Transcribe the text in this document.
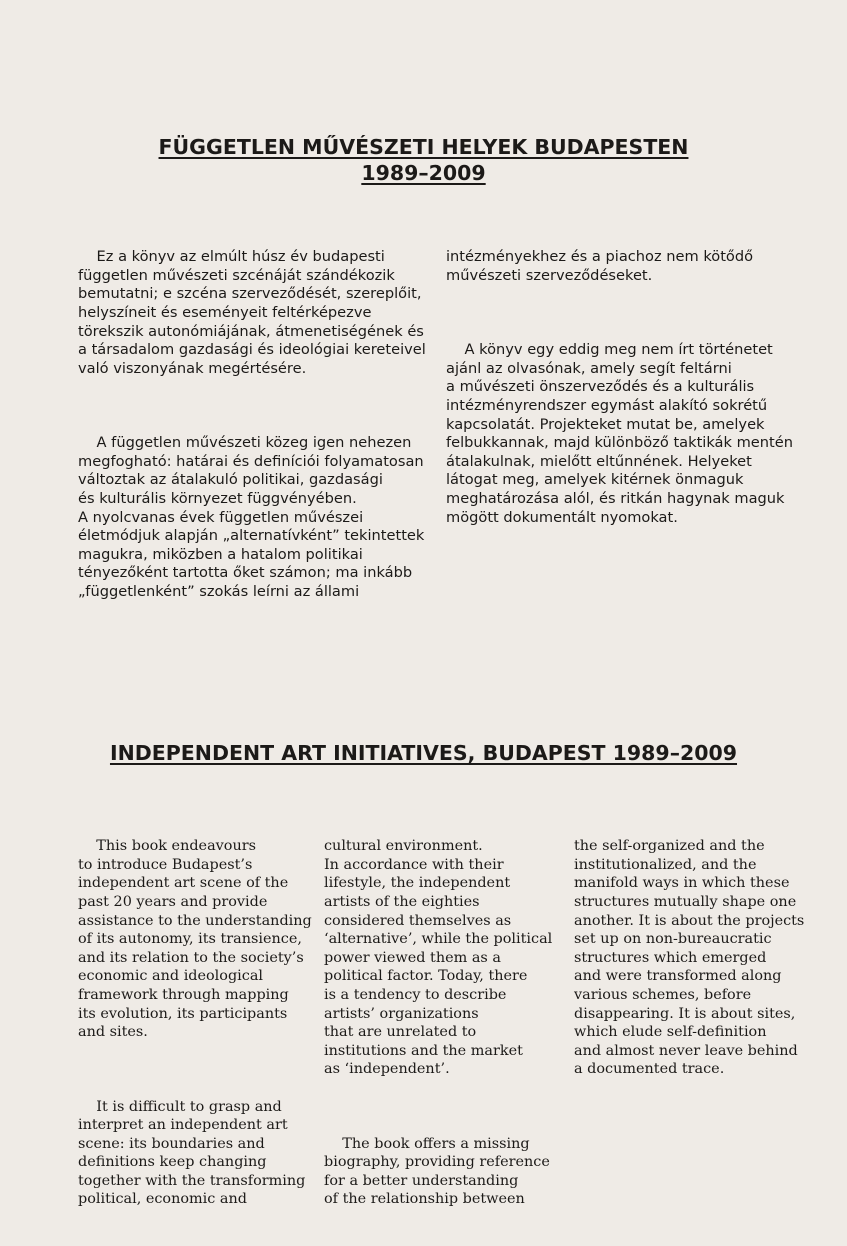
FÜGGETLEN MŰVÉSZETI HELYEK BUDAPESTEN
1989–2009

Ez a könyv az elmúlt húsz év budapesti
független művészeti szcénáját szándékozik
bemutatni; e szcéna szerveződését, szereplőit,
helyszíneit és eseményeit feltérképezve
törekszik autonómiájának, átmenetiségének és
a társadalom gazdasági és ideológiai kereteivel
való viszonyának megértésére.

A független művészeti közeg igen nehezen
megfogható: határai és definíciói folyamatosan
változtak az átalakuló politikai, gazdasági
és kulturális környezet függvényében.
A nyolcvanas évek független művészei
életmódjuk alapján „alternatívként” tekintettek
magukra, miközben a hatalom politikai
tényezőként tartotta őket számon; ma inkább
„függetlenként” szokás leírni az állami

intézményekhez és a piachoz nem kötődő
művészeti szerveződéseket.

A könyv egy eddig meg nem írt történetet
ajánl az olvasónak, amely segít feltárni
a művészeti önszerveződés és a kulturális
intézményrendszer egymást alakító sokrétű
kapcsolatát. Projekteket mutat be, amelyek
felbukkannak, majd különböző taktikák mentén
átalakulnak, mielőtt eltűnnének. Helyeket
látogat meg, amelyek kitérnek önmaguk
meghatározása alól, és ritkán hagynak maguk
mögött dokumentált nyomokat.

INDEPENDENT ART INITIATIVES, BUDAPEST 1989–2009

This book endeavours
to introduce Budapest’s
independent art scene of the
past 20 years and provide
assistance to the understanding
of its autonomy, its transience,
and its relation to the society’s
economic and ideological
framework through mapping
its evolution, its participants
and sites.

It is difficult to grasp and
interpret an independent art
scene: its boundaries and
definitions keep changing
together with the transforming
political, economic and

cultural environment.
In accordance with their
lifestyle, the independent
artists of the eighties
considered themselves as
‘alternative’, while the political
power viewed them as a
political factor. Today, there
is a tendency to describe
artists’ organizations
that are unrelated to
institutions and the market
as ‘independent’.

The book offers a missing
biography, providing reference
for a better understanding
of the relationship between

the self-organized and the
institutionalized, and the
manifold ways in which these
structures mutually shape one
another. It is about the projects
set up on non-bureaucratic
structures which emerged
and were transformed along
various schemes, before
disappearing. It is about sites,
which elude self-definition
and almost never leave behind
a documented trace.
